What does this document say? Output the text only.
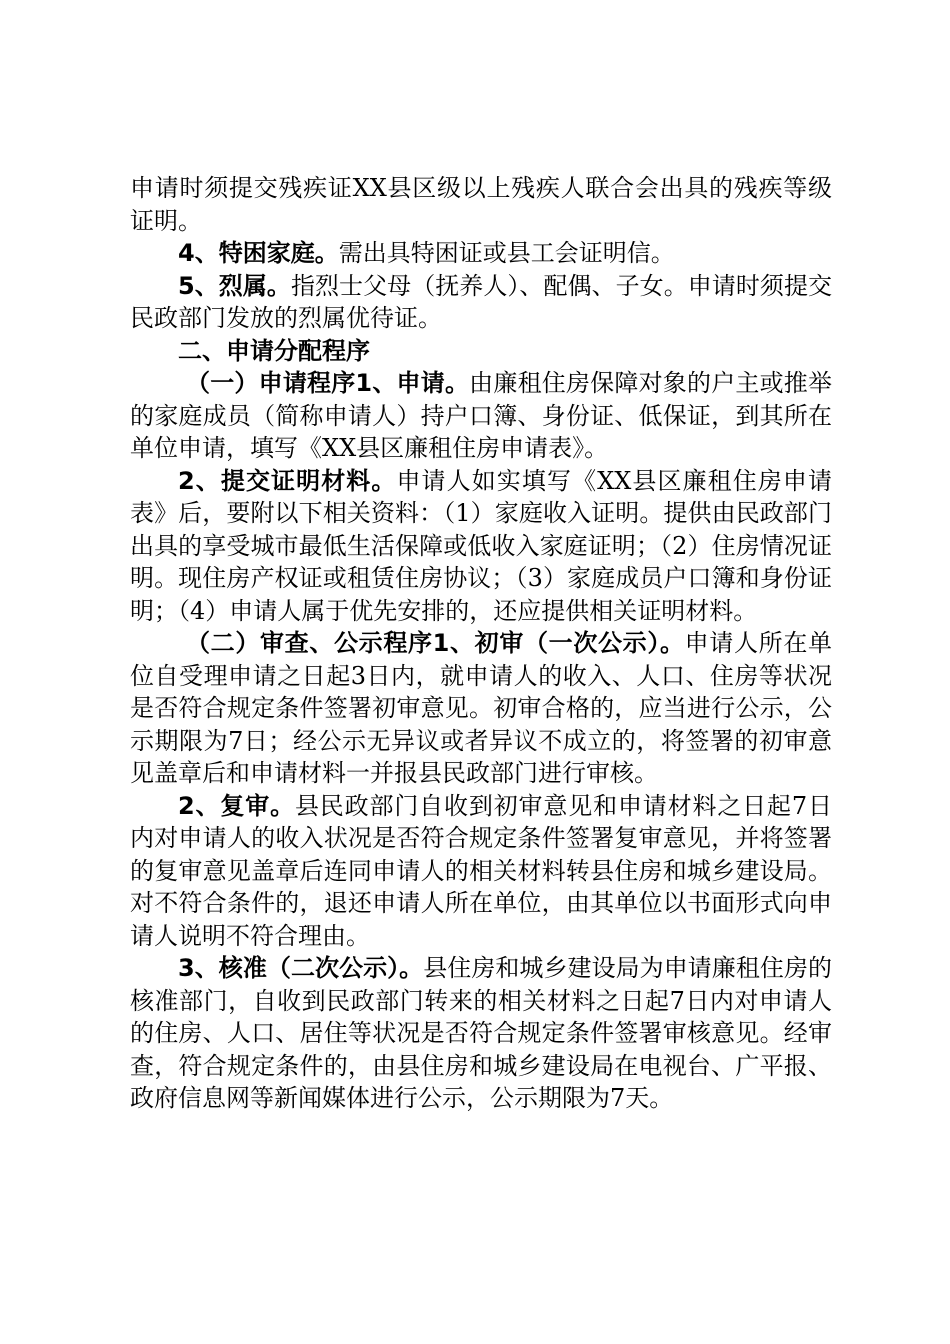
申请时须提交残疾证XX县区级以上残疾人联合会出具的残疾等级证明。

4、特困家庭。需出具特困证或县工会证明信。

5、烈属。指烈士父母（抚养人）、配偶、子女。申请时须提交民政部门发放的烈属优待证。

二、申请分配程序

（一）申请程序1、申请。由廉租住房保障对象的户主或推举的家庭成员（简称申请人）持户口簿、身份证、低保证，到其所在单位申请，填写《XX县区廉租住房申请表》。

2、提交证明材料。申请人如实填写《XX县区廉租住房申请表》后，要附以下相关资料：（1）家庭收入证明。提供由民政部门出具的享受城市最低生活保障或低收入家庭证明；（2）住房情况证明。现住房产权证或租赁住房协议；（3）家庭成员户口簿和身份证明；（4）申请人属于优先安排的，还应提供相关证明材料。

（二）审查、公示程序1、初审（一次公示）。申请人所在单位自受理申请之日起3日内，就申请人的收入、人口、住房等状况是否符合规定条件签署初审意见。初审合格的，应当进行公示，公示期限为7日；经公示无异议或者异议不成立的，将签署的初审意见盖章后和申请材料一并报县民政部门进行审核。

2、复审。县民政部门自收到初审意见和申请材料之日起7日内对申请人的收入状况是否符合规定条件签署复审意见，并将签署的复审意见盖章后连同申请人的相关材料转县住房和城乡建设局。对不符合条件的，退还申请人所在单位，由其单位以书面形式向申请人说明不符合理由。

3、核准（二次公示）。县住房和城乡建设局为申请廉租住房的核准部门，自收到民政部门转来的相关材料之日起7日内对申请人的住房、人口、居住等状况是否符合规定条件签署审核意见。经审查，符合规定条件的，由县住房和城乡建设局在电视台、广平报、政府信息网等新闻媒体进行公示，公示期限为7天。
